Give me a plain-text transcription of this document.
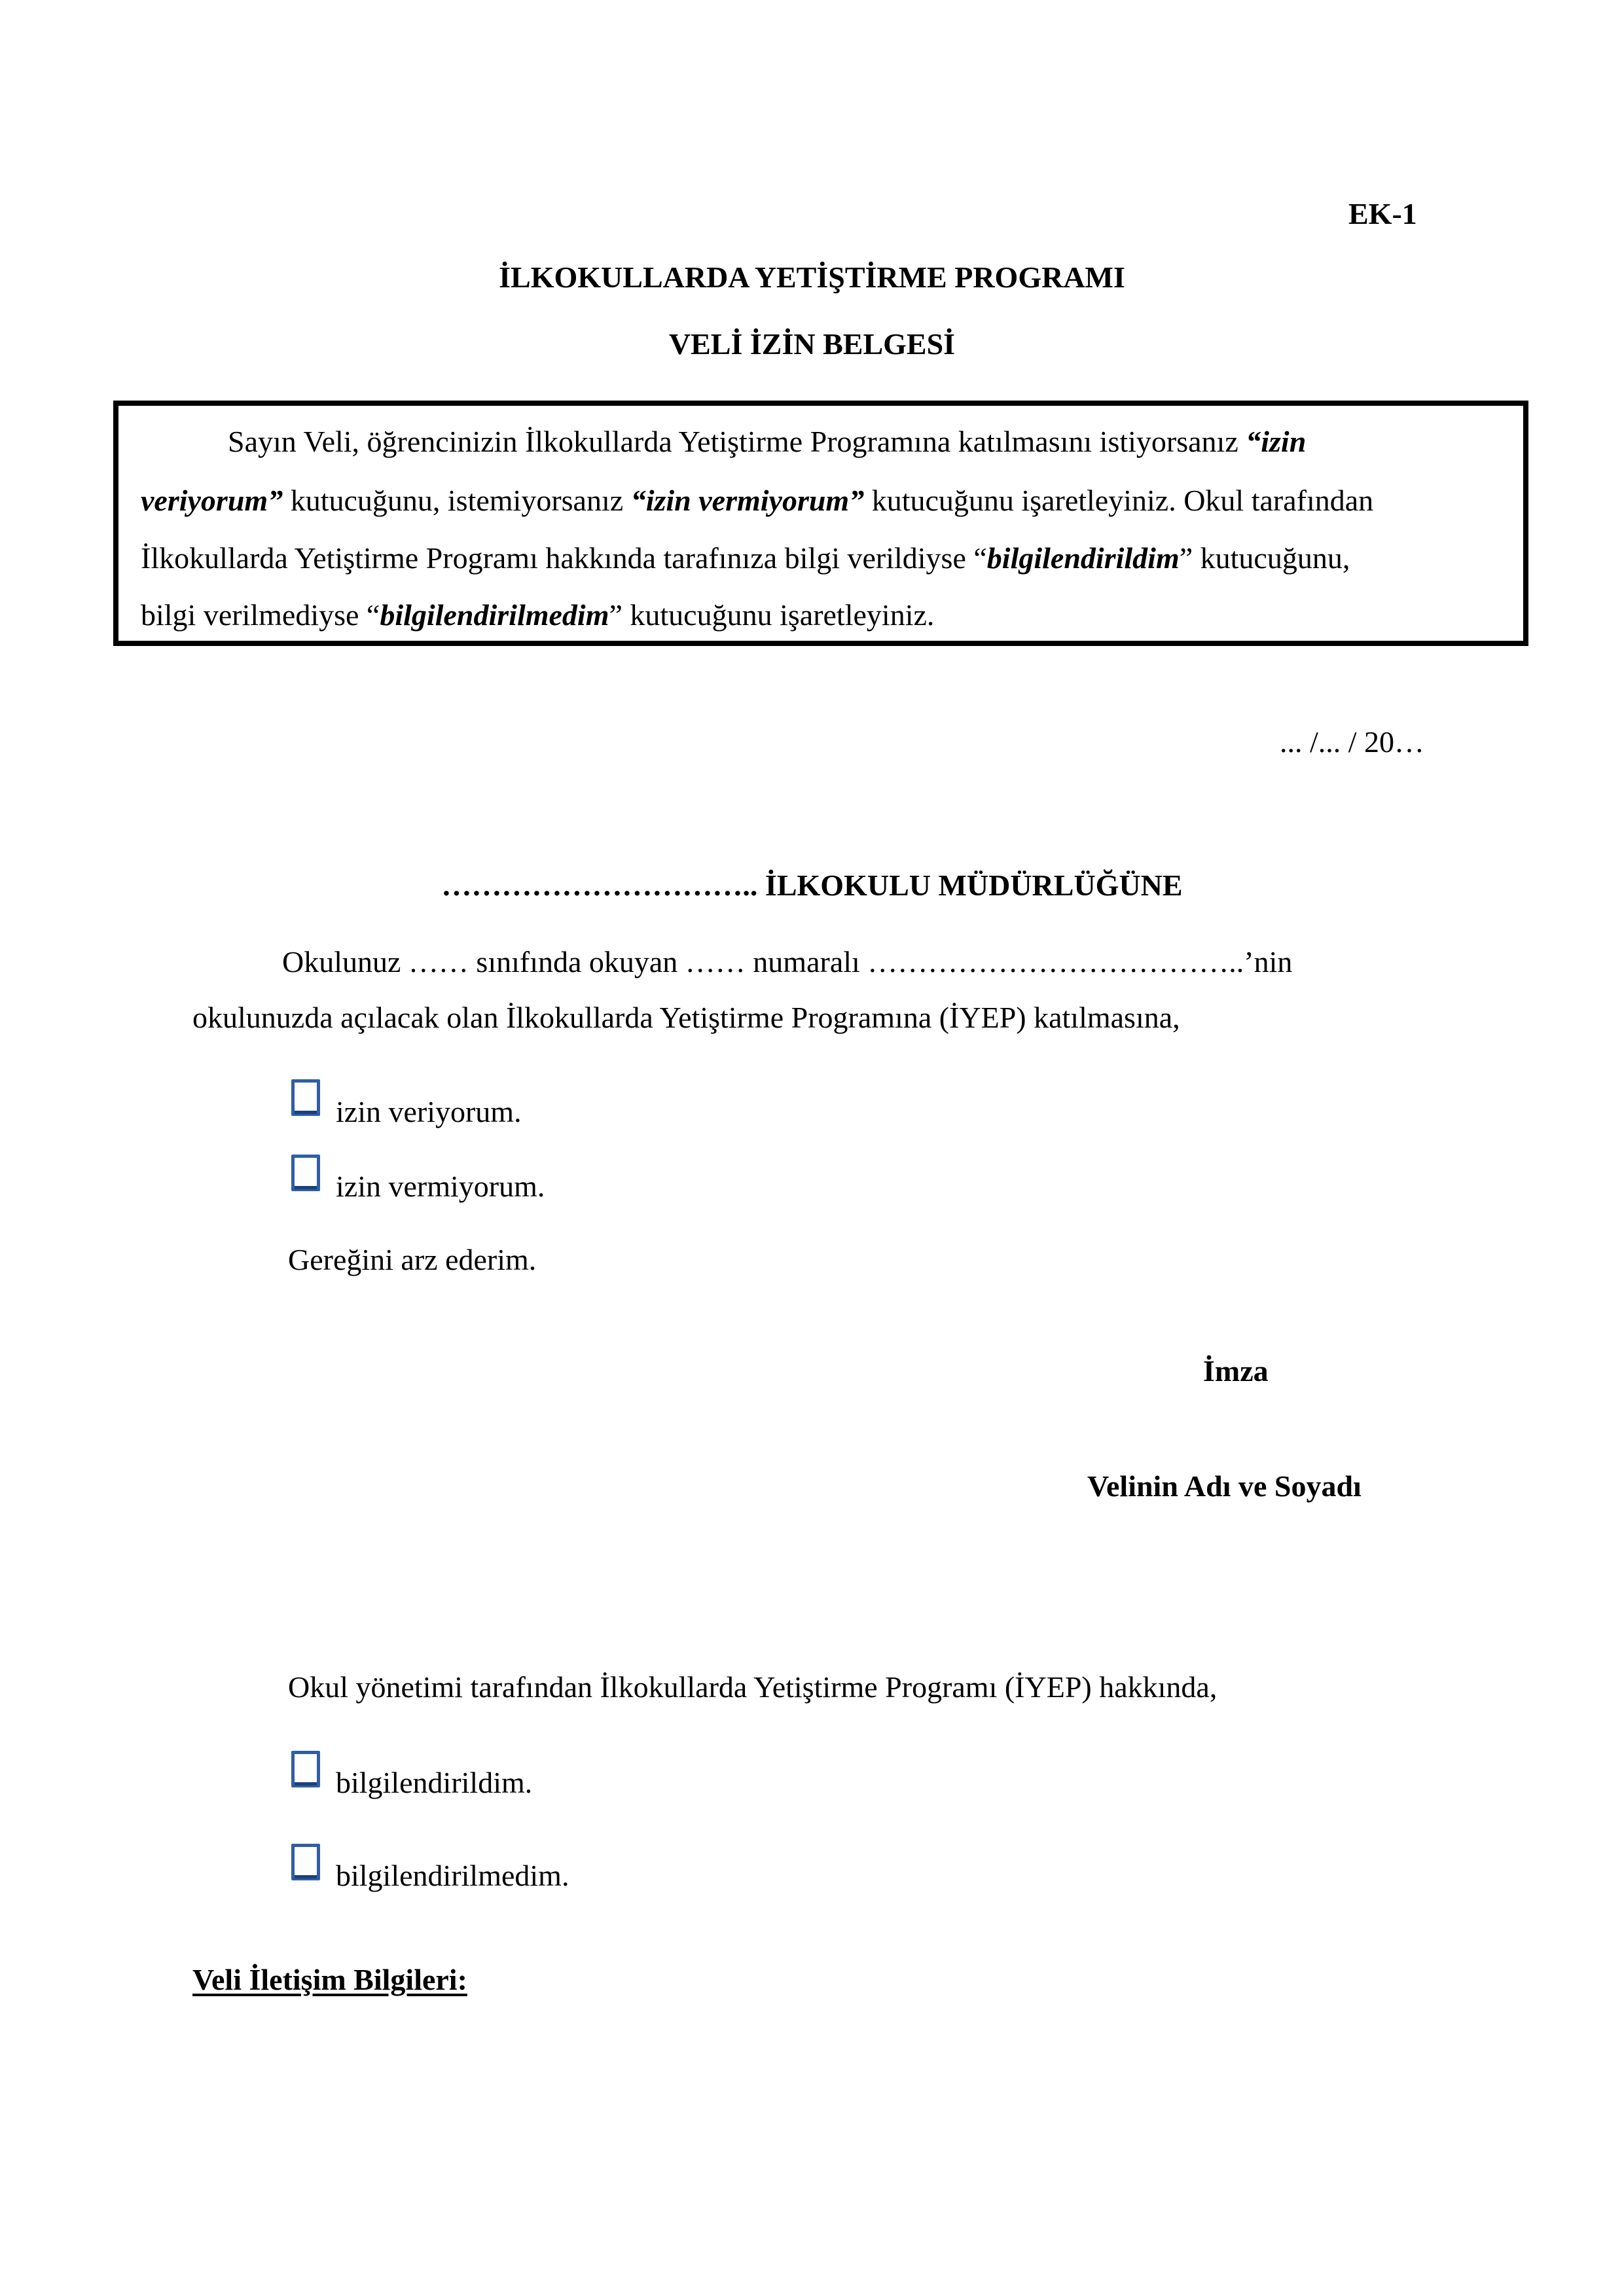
EK-1
İLKOKULLARDA YETİŞTİRME PROGRAMI
VELİ İZİN BELGESİ
Sayın Veli, öğrencinizin İlkokullarda Yetiştirme Programına katılmasını istiyorsanız “izin
veriyorum” kutucuğunu, istemiyorsanız “izin vermiyorum” kutucuğunu işaretleyiniz. Okul tarafından
İlkokullarda Yetiştirme Programı hakkında tarafınıza bilgi verildiyse “bilgilendirildim” kutucuğunu,
bilgi verilmediyse “bilgilendirilmedim” kutucuğunu işaretleyiniz.
... /... / 20…
………………………….. İLKOKULU MÜDÜRLÜĞÜNE
Okulunuz …… sınıfında okuyan …… numaralı ………………………………..’nin
okulunuzda açılacak olan İlkokullarda Yetiştirme Programına (İYEP) katılmasına,
izin veriyorum.
izin vermiyorum.
Gereğini arz ederim.
İmza
Velinin Adı ve Soyadı
Okul yönetimi tarafından İlkokullarda Yetiştirme Programı (İYEP) hakkında,
bilgilendirildim.
bilgilendirilmedim.
Veli İletişim Bilgileri:
